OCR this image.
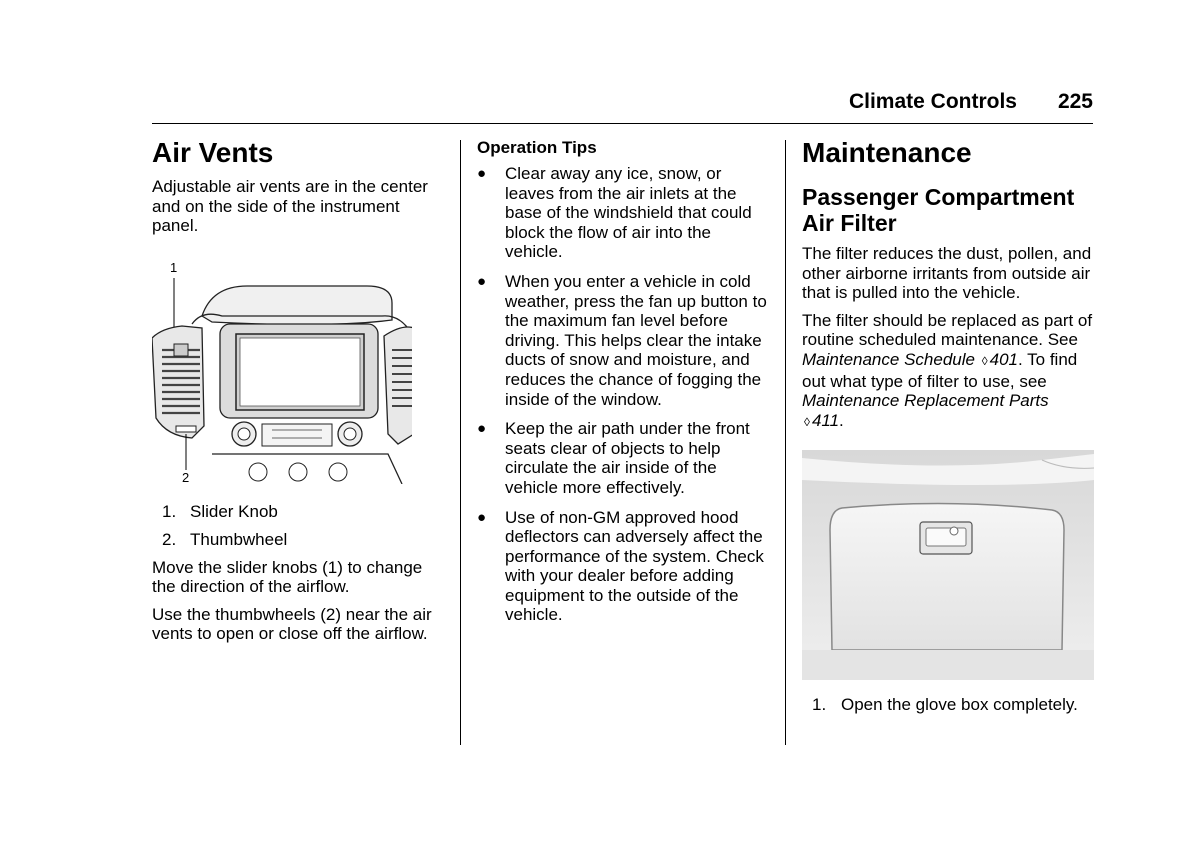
Climate Controls 225
Air Vents

Adjustable air vents are in the center and on the side of the instrument panel.

1
2
1. Slider Knob
2. Thumbwheel

Move the slider knobs (1) to change the direction of the airflow.

Use the thumbwheels (2) near the air vents to open or close off the airflow.

Operation Tips
●	Clear away any ice, snow, or leaves from the air inlets at the base of the windshield that could block the flow of air into the vehicle.
●	When you enter a vehicle in cold weather, press the fan up button to the maximum fan level before driving. This helps clear the intake ducts of snow and moisture, and reduces the chance of fogging the inside of the window.
●	Keep the air path under the front seats clear of objects to help circulate the air inside of the vehicle more effectively.
●	Use of non-GM approved hood deflectors can adversely affect the performance of the system. Check with your dealer before adding equipment to the outside of the vehicle.
Maintenance
Passenger Compartment Air Filter

The filter reduces the dust, pollen, and other airborne irritants from outside air that is pulled into the vehicle.

The filter should be replaced as part of routine scheduled maintenance. See Maintenance Schedule ◊ 401. To find out what type of filter to use, see Maintenance Replacement Parts ◊ 411.

1. Open the glove box completely.
